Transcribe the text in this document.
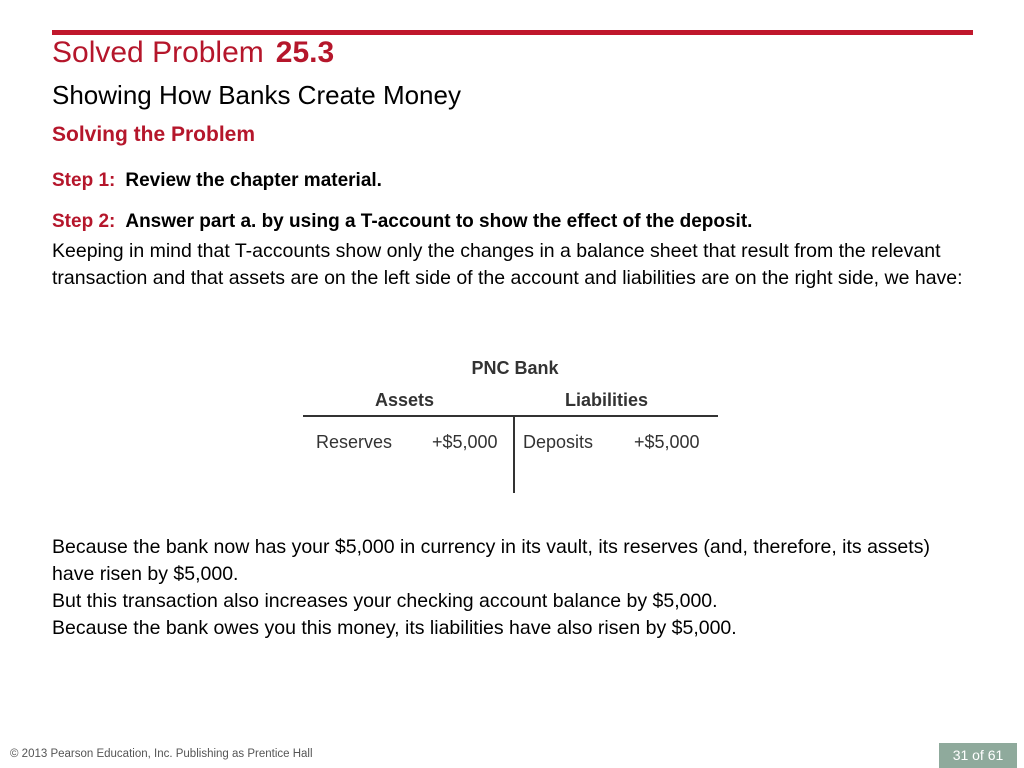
Solved Problem 25.3
Showing How Banks Create Money
Solving the Problem
Step 1: Review the chapter material.
Step 2: Answer part a. by using a T-account to show the effect of the deposit.
Keeping in mind that T-accounts show only the changes in a balance sheet that result from the relevant transaction and that assets are on the left side of the account and liabilities are on the right side, we have:
PNC Bank
Assets	Liabilities
Reserves +$5,000 Deposits +$5,000

Because the bank now has your $5,000 in currency in its vault, its reserves (and, therefore, its assets) have risen by $5,000.

But this transaction also increases your checking account balance by $5,000.

Because the bank owes you this money, its liabilities have also risen by $5,000.

© 2013 Pearson Education, Inc. Publishing as Prentice Hall	31 of 61
